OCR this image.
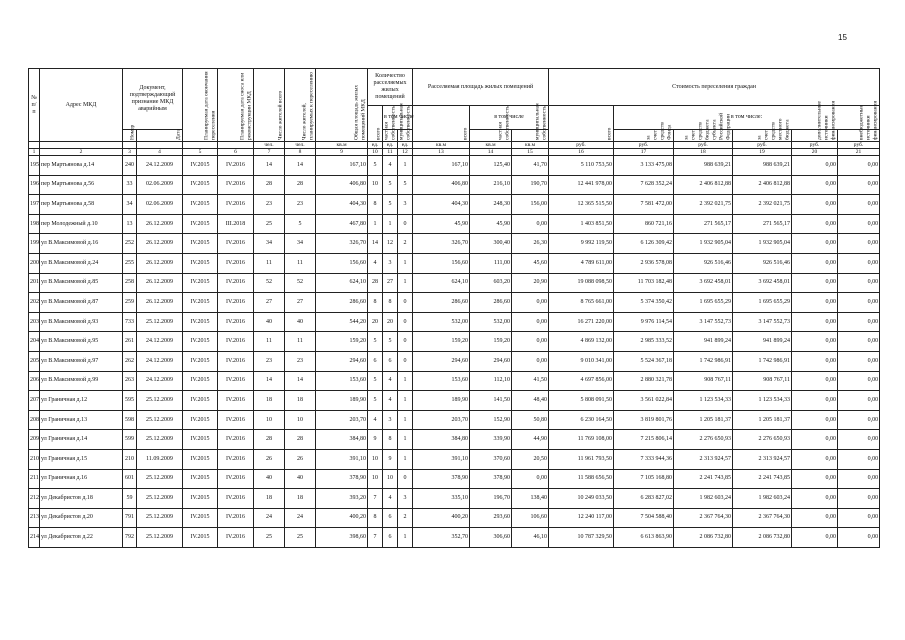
15
№ п/п	Адрес МКД	Документ, подтверждающий признание МКД аварийным		Планируемая дата окончания переселения	Планируемая дата сноса или реконструкции МКД	Число жителей всего	Число жителей, планируемых к переселению	Общая площадь жилых помещений МКД	Количество расселяемых жилых помещений			Расселяемая площадь жилых помещений			Стоимость переселения граждан					
									всего	в том числе		всего	в том числе		всего	в том числе:				
		Номер	Дата							частная собственность	муниципальная собственность		частная собственность	муниципальная собственность		за счет средств Фонда	за счет средств бюджета субъекта Российской Федерации	за счет средств местного бюджета	дополнительные источники финансирования	внебюджетные источники финансирования

						чел.	чел.	кв.м	ед.	ед.	ед.	кв.м	кв.м	кв.м	руб.	руб.	руб.	руб.	руб.	руб.
1	2	3	4	5	6	7	8	9	10	11	12	13	14	15	16	17	18	19	20	21
195	пер Мартьянова д.14	240	24.12.2009	IV.2015	IV.2016	14	14	167,10	5	4	1	167,10	125,40	41,70	5 110 753,50	3 133 475,08	988 639,21	988 639,21	0,00	0,00
196	пер Мартьянова д.56	33	02.06.2009	IV.2015	IV.2016	28	28	406,80	10	5	5	406,80	216,10	190,70	12 441 978,00	7 628 352,24	2 406 812,88	2 406 812,88	0,00	0,00
197	пер Мартьянова д.58	34	02.06.2009	IV.2015	IV.2016	23	23	404,30	8	5	3	404,30	248,30	156,00	12 365 515,50	7 581 472,00	2 392 021,75	2 392 021,75	0,00	0,00
198	пер Молодежный д.10	13	26.12.2009	IV.2015	III.2018	25	5	467,80	1	1	0	45,90	45,90	0,00	1 403 851,50	860 721,16	271 565,17	271 565,17	0,00	0,00
199	ул В.Максимовой д.16	252	26.12.2009	IV.2015	IV.2016	34	34	326,70	14	12	2	326,70	300,40	26,30	9 992 119,50	6 126 309,42	1 932 905,04	1 932 905,04	0,00	0,00
200	ул В.Максимовой д.24	255	26.12.2009	IV.2015	IV.2016	11	11	156,60	4	3	1	156,60	111,00	45,60	4 789 611,00	2 936 578,08	926 516,46	926 516,46	0,00	0,00
201	ул В.Максимовой д.85	258	26.12.2009	IV.2015	IV.2016	52	52	624,10	28	27	1	624,10	603,20	20,90	19 088 098,50	11 703 182,48	3 692 458,01	3 692 458,01	0,00	0,00
202	ул В.Максимовой д.87	259	26.12.2009	IV.2015	IV.2016	27	27	286,60	8	8	0	286,60	286,60	0,00	8 765 661,00	5 374 350,42	1 695 655,29	1 695 655,29	0,00	0,00
203	ул В.Максимовой д.93	733	25.12.2009	IV.2015	IV.2016	40	40	544,20	20	20	0	532,00	532,00	0,00	16 271 220,00	9 976 114,54	3 147 552,73	3 147 552,73	0,00	0,00
204	ул В.Максимовой д.95	261	24.12.2009	IV.2015	IV.2016	11	11	159,20	5	5	0	159,20	159,20	0,00	4 869 132,00	2 985 333,52	941 899,24	941 899,24	0,00	0,00
205	ул В.Максимовой д.97	262	24.12.2009	IV.2015	IV.2016	23	23	294,60	6	6	0	294,60	294,60	0,00	9 010 341,00	5 524 367,18	1 742 986,91	1 742 986,91	0,00	0,00
206	ул В.Максимовой д.99	263	24.12.2009	IV.2015	IV.2016	14	14	153,60	5	4	1	153,60	112,10	41,50	4 697 856,00	2 880 321,78	908 767,11	908 767,11	0,00	0,00
207	ул Граничная д.12	595	25.12.2009	IV.2015	IV.2016	18	18	189,90	5	4	1	189,90	141,50	48,40	5 808 091,50	3 561 022,84	1 123 534,33	1 123 534,33	0,00	0,00
208	ул Граничная д.13	598	25.12.2009	IV.2015	IV.2016	10	10	203,70	4	3	1	203,70	152,90	50,80	6 230 164,50	3 819 801,76	1 205 181,37	1 205 181,37	0,00	0,00
209	ул Граничная д.14	599	25.12.2009	IV.2015	IV.2016	28	28	384,80	9	8	1	384,80	339,90	44,90	11 769 108,00	7 215 806,14	2 276 650,93	2 276 650,93	0,00	0,00
210	ул Граничная д.15	210	11.09.2009	IV.2015	IV.2016	26	26	391,10	10	9	1	391,10	370,60	20,50	11 961 793,50	7 333 944,36	2 313 924,57	2 313 924,57	0,00	0,00
211	ул Граничная д.16	601	25.12.2009	IV.2015	IV.2016	40	40	378,90	10	10	0	378,90	378,90	0,00	11 588 656,50	7 105 168,80	2 241 743,85	2 241 743,85	0,00	0,00
212	ул Декабристов д.18	59	25.12.2009	IV.2015	IV.2016	18	18	393,20	7	4	3	335,10	196,70	138,40	10 249 033,50	6 283 827,02	1 982 603,24	1 982 603,24	0,00	0,00
213	ул Декабристов д.20	791	25.12.2009	IV.2015	IV.2016	24	24	400,20	8	6	2	400,20	293,60	106,60	12 240 117,00	7 504 588,40	2 367 764,30	2 367 764,30	0,00	0,00
214	ул Декабристов д.22	792	25.12.2009	IV.2015	IV.2016	25	25	398,60	7	6	1	352,70	306,60	46,10	10 787 329,50	6 613 863,90	2 086 732,80	2 086 732,80	0,00	0,00
